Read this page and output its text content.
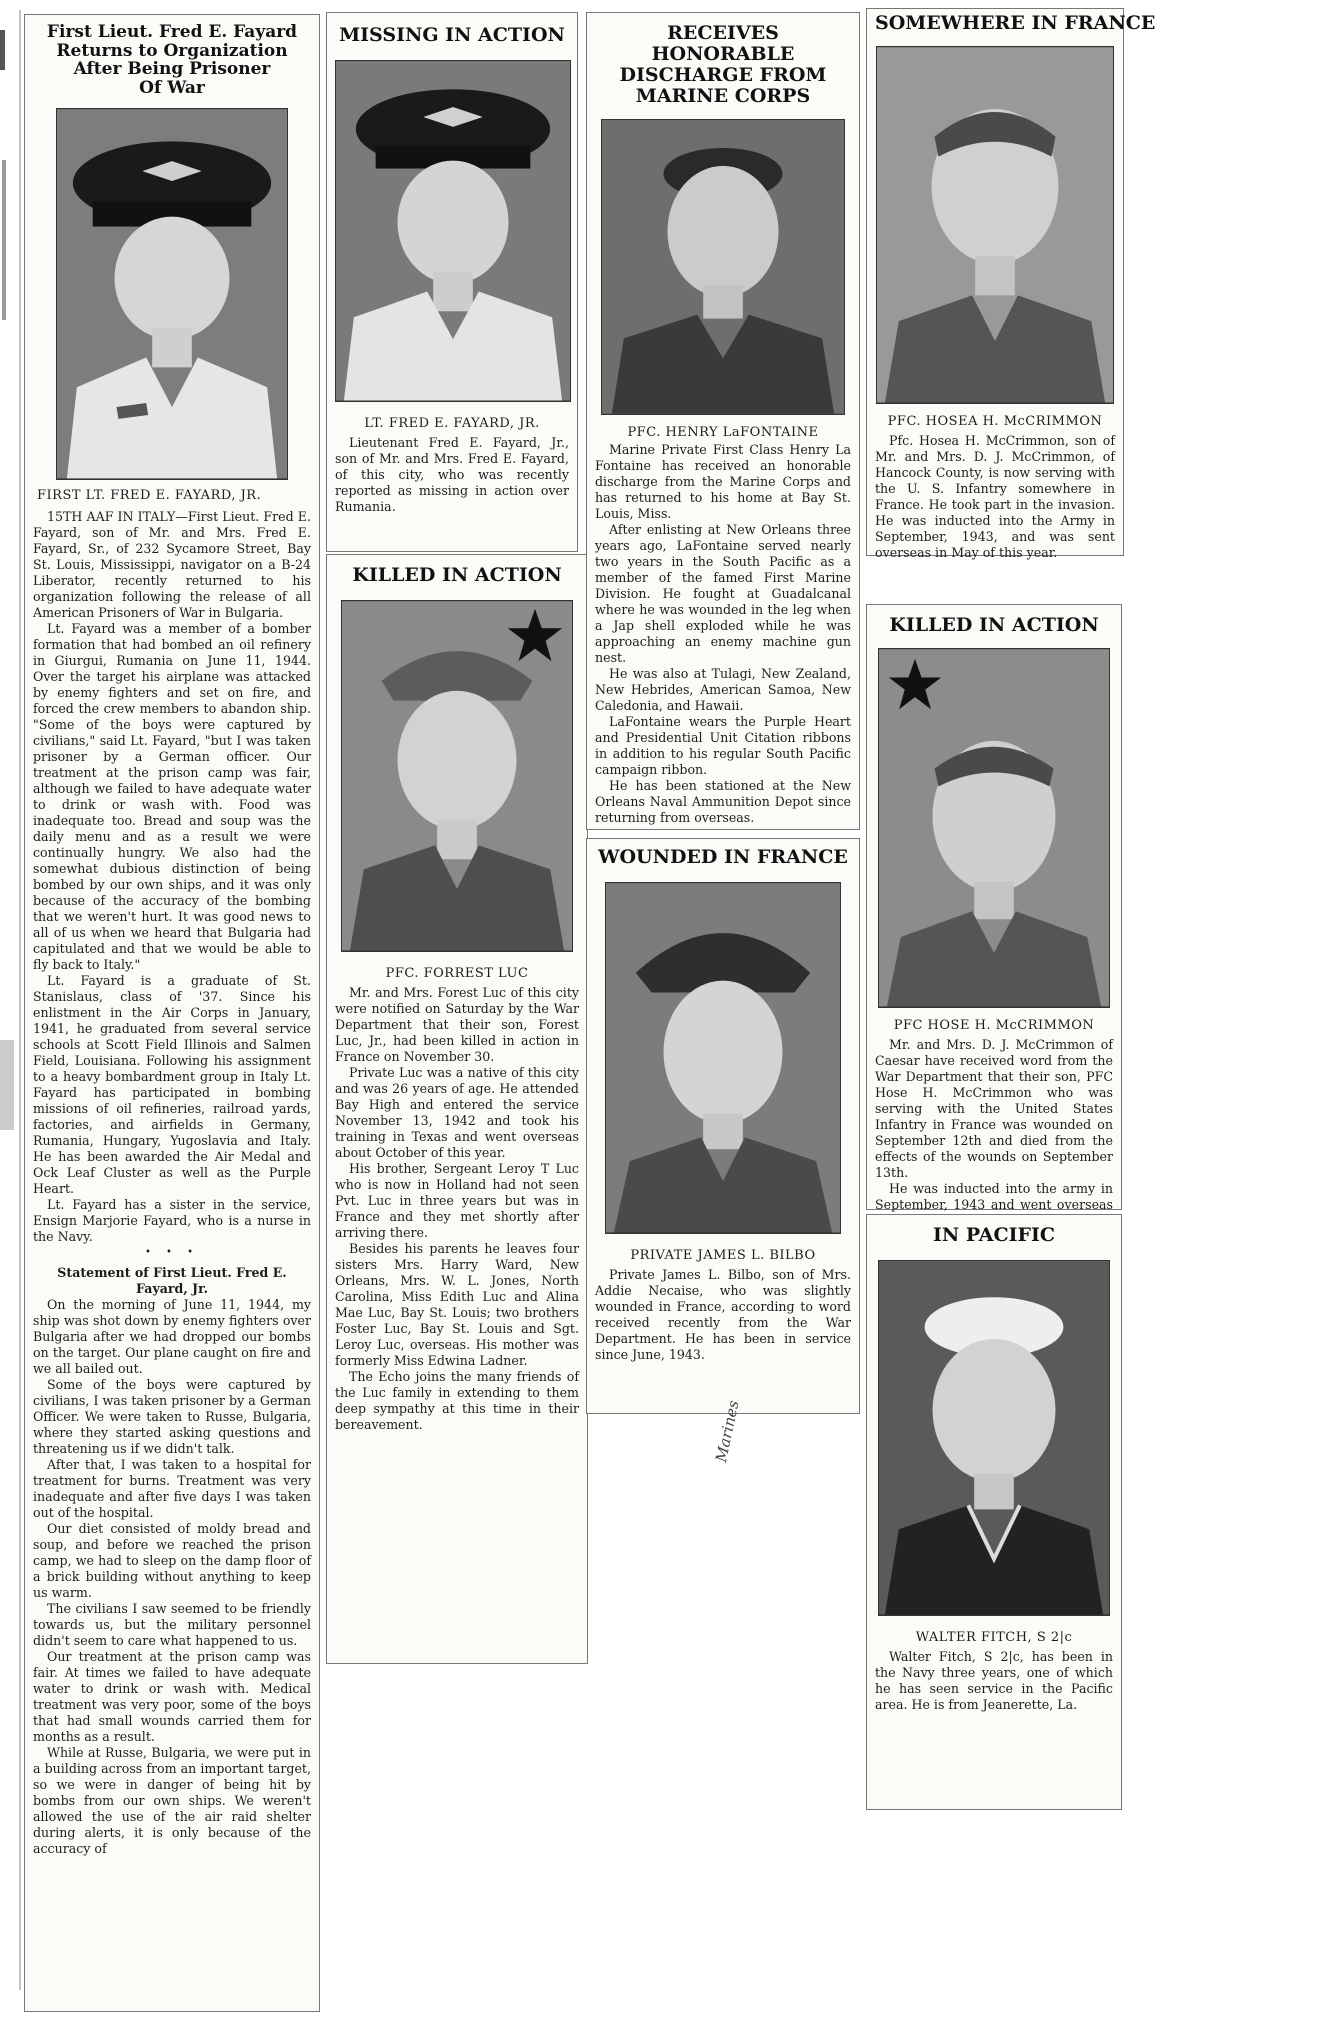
First Lieut. Fred E. Fayard
Returns to Organization
After Being Prisoner
Of War
FIRST LT. FRED E. FAYARD, JR.

15TH AAF IN ITALY—First Lieut. Fred E. Fayard, son of Mr. and Mrs. Fred E. Fayard, Sr., of 232 Sycamore Street, Bay St. Louis, Mississippi, navigator on a B-24 Liberator, recently returned to his organization following the release of all American Prisoners of War in Bulgaria.

Lt. Fayard was a member of a bomber formation that had bombed an oil refinery in Giurgui, Rumania on June 11, 1944. Over the target his airplane was attacked by enemy fighters and set on fire, and forced the crew members to abandon ship. "Some of the boys were captured by civilians," said Lt. Fayard, "but I was taken prisoner by a German officer. Our treatment at the prison camp was fair, although we failed to have adequate water to drink or wash with. Food was inadequate too. Bread and soup was the daily menu and as a result we were continually hungry. We also had the somewhat dubious distinction of being bombed by our own ships, and it was only because of the accuracy of the bombing that we weren't hurt. It was good news to all of us when we heard that Bulgaria had capitulated and that we would be able to fly back to Italy."

Lt. Fayard is a graduate of St. Stanislaus, class of '37. Since his enlistment in the Air Corps in January, 1941, he graduated from several service schools at Scott Field Illinois and Salmen Field, Louisiana. Following his assignment to a heavy bombardment group in Italy Lt. Fayard has participated in bombing missions of oil refineries, railroad yards, factories, and airfields in Germany, Rumania, Hungary, Yugoslavia and Italy. He has been awarded the Air Medal and Ock Leaf Cluster as well as the Purple Heart.

Lt. Fayard has a sister in the service, Ensign Marjorie Fayard, who is a nurse in the Navy.

• • •

Statement of First Lieut. Fred E. Fayard, Jr.

On the morning of June 11, 1944, my ship was shot down by enemy fighters over Bulgaria after we had dropped our bombs on the target. Our plane caught on fire and we all bailed out.

Some of the boys were captured by civilians, I was taken prisoner by a German Officer. We were taken to Russe, Bulgaria, where they started asking questions and threatening us if we didn't talk.

After that, I was taken to a hospital for treatment for burns. Treatment was very inadequate and after five days I was taken out of the hospital.

Our diet consisted of moldy bread and soup, and before we reached the prison camp, we had to sleep on the damp floor of a brick building without anything to keep us warm.

The civilians I saw seemed to be friendly towards us, but the military personnel didn't seem to care what happened to us.

Our treatment at the prison camp was fair. At times we failed to have adequate water to drink or wash with. Medical treatment was very poor, some of the boys that had small wounds carried them for months as a result.

While at Russe, Bulgaria, we were put in a building across from an important target, so we were in danger of being hit by bombs from our own ships. We weren't allowed the use of the air raid shelter during alerts, it is only because of the accuracy of

MISSING IN ACTION
LT. FRED E. FAYARD, JR.

Lieutenant Fred E. Fayard, Jr., son of Mr. and Mrs. Fred E. Fayard, of this city, who was recently reported as missing in action over Rumania.

KILLED IN ACTION
PFC. FORREST LUC

Mr. and Mrs. Forest Luc of this city were notified on Saturday by the War Department that their son, Forest Luc, Jr., had been killed in action in France on November 30.

Private Luc was a native of this city and was 26 years of age. He attended Bay High and entered the service November 13, 1942 and took his training in Texas and went overseas about October of this year.

His brother, Sergeant Leroy T Luc who is now in Holland had not seen Pvt. Luc in three years but was in France and they met shortly after arriving there.

Besides his parents he leaves four sisters Mrs. Harry Ward, New Orleans, Mrs. W. L. Jones, North Carolina, Miss Edith Luc and Alina Mae Luc, Bay St. Louis; two brothers Foster Luc, Bay St. Louis and Sgt. Leroy Luc, overseas. His mother was formerly Miss Edwina Ladner.

The Echo joins the many friends of the Luc family in extending to them deep sympathy at this time in their bereavement.

RECEIVES HONORABLE
DISCHARGE FROM
MARINE CORPS
PFC. HENRY LaFONTAINE

Marine Private First Class Henry La Fontaine has received an honorable discharge from the Marine Corps and has returned to his home at Bay St. Louis, Miss.

After enlisting at New Orleans three years ago, LaFontaine served nearly two years in the South Pacific as a member of the famed First Marine Division. He fought at Guadalcanal where he was wounded in the leg when a Jap shell exploded while he was approaching an enemy machine gun nest.

He was also at Tulagi, New Zealand, New Hebrides, American Samoa, New Caledonia, and Hawaii.

LaFontaine wears the Purple Heart and Presidential Unit Citation ribbons in addition to his regular South Pacific campaign ribbon.

He has been stationed at the New Orleans Naval Ammunition Depot since returning from overseas.

WOUNDED IN FRANCE
PRIVATE JAMES L. BILBO

Private James L. Bilbo, son of Mrs. Addie Necaise, who was slightly wounded in France, according to word received recently from the War Department. He has been in service since June, 1943.

Marines
SOMEWHERE IN FRANCE
PFC. HOSEA H. McCRIMMON

Pfc. Hosea H. McCrimmon, son of Mr. and Mrs. D. J. McCrimmon, of Hancock County, is now serving with the U. S. Infantry somewhere in France. He took part in the invasion. He was inducted into the Army in September, 1943, and was sent overseas in May of this year.

KILLED IN ACTION
PFC HOSE H. McCRIMMON

Mr. and Mrs. D. J. McCrimmon of Caesar have received word from the War Department that their son, PFC Hose H. McCrimmon who was serving with the United States Infantry in France was wounded on September 12th and died from the effects of the wounds on September 13th.

He was inducted into the army in September, 1943 and went overseas

IN PACIFIC
WALTER FITCH, S 2|c

Walter Fitch, S 2|c, has been in the Navy three years, one of which he has seen service in the Pacific area. He is from Jeanerette, La.
